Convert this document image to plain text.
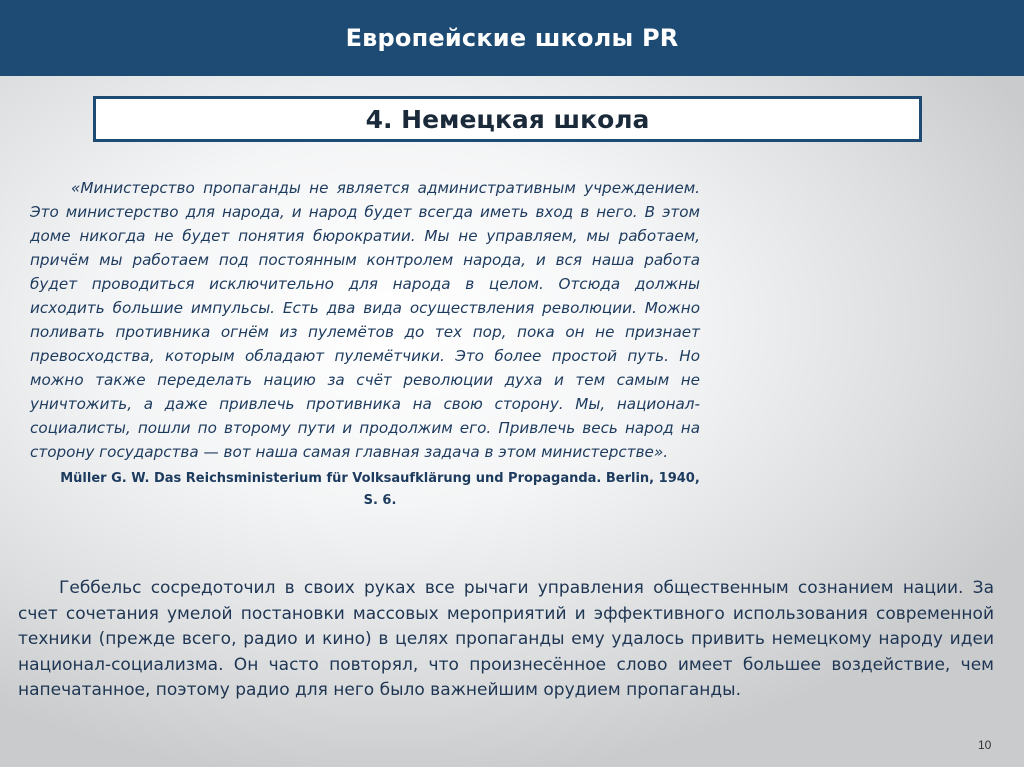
Европейские школы PR
4. Немецкая школа

«Министерство пропаганды не является административным учреждением. Это министерство для народа, и народ будет всегда иметь вход в него. В этом доме никогда не будет понятия бюрократии. Мы не управляем, мы работаем, причём мы работаем под постоянным контролем народа, и вся наша работа будет проводиться исключительно для народа в целом. Отсюда должны исходить большие импульсы. Есть два вида осуществления революции. Можно поливать противника огнём из пулемётов до тех пор, пока он не признает превосходства, которым обладают пулемётчики. Это более простой путь. Но можно также переделать нацию за счёт революции духа и тем самым не уничтожить, а даже привлечь противника на свою сторону. Мы, национал-социалисты, пошли по второму пути и продолжим его. Привлечь весь народ на сторону государства — вот наша самая главная задача в этом министерстве».

Müller G. W. Das Reichsministerium für Volksaufklärung und Propaganda. Berlin, 1940, S. 6.

Геббельс сосредоточил в своих руках все рычаги управления общественным сознанием нации. За счет сочетания умелой постановки массовых мероприятий и эффективного использования современной техники (прежде всего, радио и кино) в целях пропаганды ему удалось привить немецкому народу идеи национал-социализма. Он часто повторял, что произнесённое слово имеет большее воздействие, чем напечатанное, поэтому радио для него было важнейшим орудием пропаганды.

10
